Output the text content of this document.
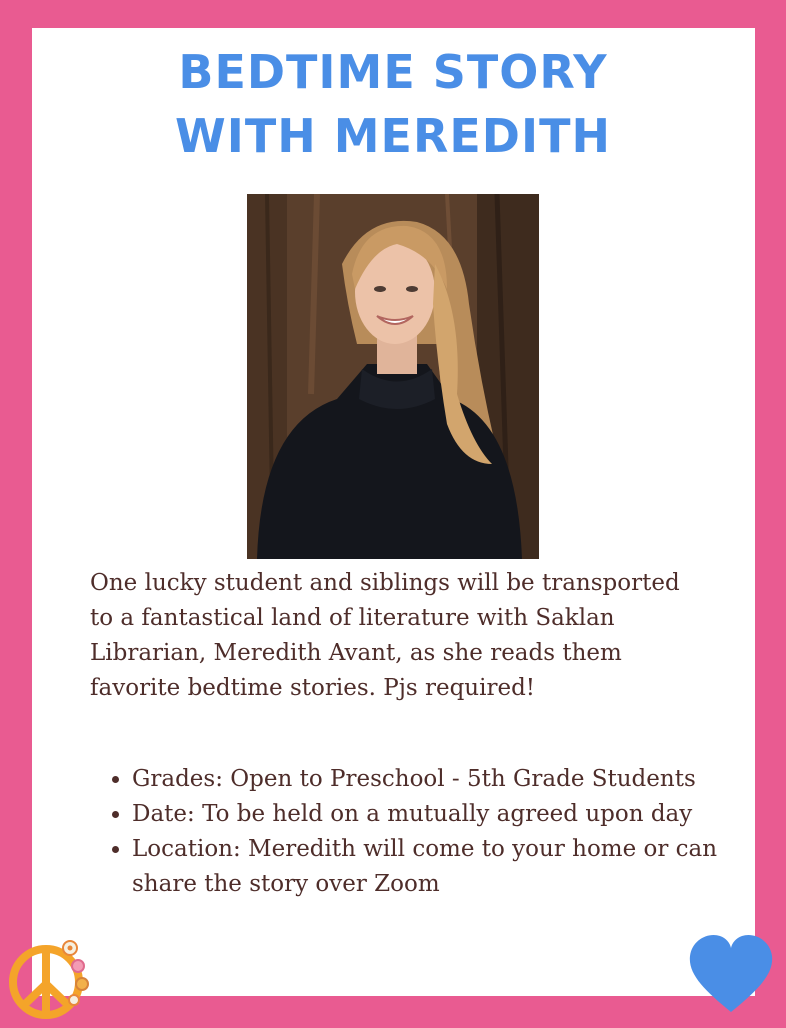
BEDTIME STORY
WITH MEREDITH

One lucky student and siblings will be transported to a fantastical land of literature with Saklan Librarian, Meredith Avant, as she reads them favorite bedtime stories. Pjs required!

• Grades: Open to Preschool - 5th Grade Students
• Date: To be held on a mutually agreed upon day
• Location: Meredith will come to your home or can share the story over Zoom
